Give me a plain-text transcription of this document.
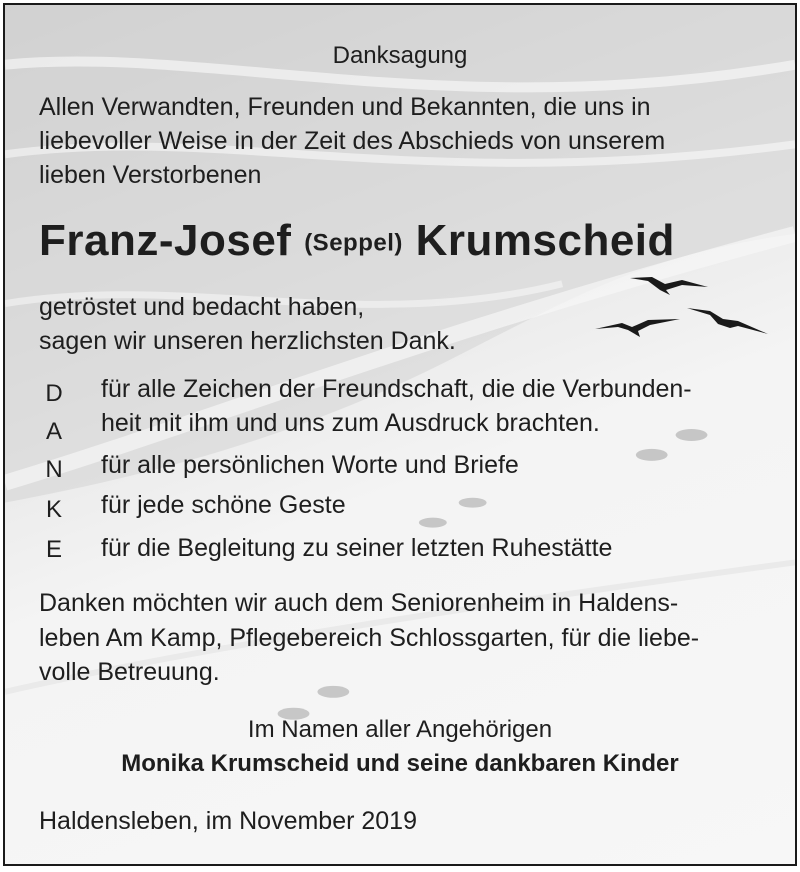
Danksagung
Allen Verwandten, Freunden und Bekannten, die uns in
liebevoller Weise in der Zeit des Abschieds von unserem
lieben Verstorbenen
Franz-Josef (Seppel) Krumscheid
getröstet und bedacht haben,
sagen wir unseren herzlichsten Dank.
D
A
N
K
E
für alle Zeichen der Freundschaft, die die Verbunden-
heit mit ihm und uns zum Ausdruck brachten.
für alle persönlichen Worte und Briefe
für jede schöne Geste
für die Begleitung zu seiner letzten Ruhestätte
Danken möchten wir auch dem Seniorenheim in Haldens-
leben Am Kamp, Pflegebereich Schlossgarten, für die liebe-
volle Betreuung.
Im Namen aller Angehörigen
Monika Krumscheid und seine dankbaren Kinder
Haldensleben, im November 2019
